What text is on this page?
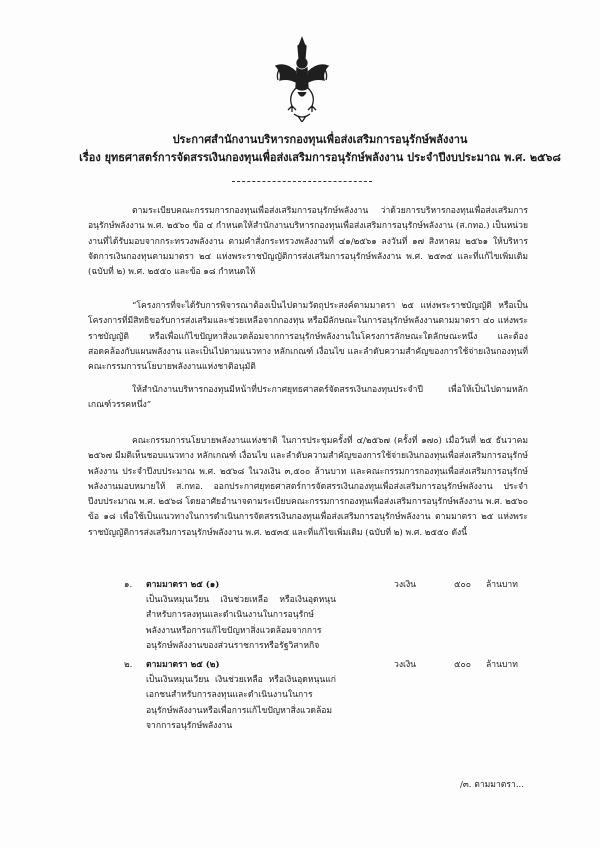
ประกาศสำนักงานบริหารกองทุนเพื่อส่งเสริมการอนุรักษ์พลังงาน
เรื่อง ยุทธศาสตร์การจัดสรรเงินกองทุนเพื่อส่งเสริมการอนุรักษ์พลังงาน ประจำปีงบประมาณ พ.ศ. ๒๕๖๘
ตามระเบียบคณะกรรมการกองทุนเพื่อส่งเสริมการอนุรักษ์พลังงาน ว่าด้วยการบริหารกองทุนเพื่อส่งเสริมการอนุรักษ์พลังงาน พ.ศ. ๒๕๖๐ ข้อ ๔ กำหนดให้สำนักงานบริหารกองทุนเพื่อส่งเสริมการอนุรักษ์พลังงาน (ส.กทอ.) เป็นหน่วยงานที่ได้รับมอบจากกระทรวงพลังงาน ตามคำสั่งกระทรวงพลังงานที่ ๔๑/๒๕๖๑ ลงวันที่ ๑๗ สิงหาคม ๒๕๖๑ ให้บริหารจัดการเงินกองทุนตามมาตรา ๒๔ แห่งพระราชบัญญัติการส่งเสริมการอนุรักษ์พลังงาน พ.ศ. ๒๕๓๕ และที่แก้ไขเพิ่มเติม (ฉบับที่ ๒) พ.ศ. ๒๕๕๐ และข้อ ๑๘ กำหนดให้
“โครงการที่จะได้รับการพิจารณาต้องเป็นไปตามวัตถุประสงค์ตามมาตรา ๒๕ แห่งพระราชบัญญัติ หรือเป็นโครงการที่มีสิทธิขอรับการส่งเสริมและช่วยเหลือจากกองทุน หรือมีลักษณะในการอนุรักษ์พลังงานตามมาตรา ๔๐ แห่งพระราชบัญญัติ หรือเพื่อแก้ไขปัญหาสิ่งแวดล้อมจากการอนุรักษ์พลังงานในโครงการลักษณะใดลักษณะหนึ่ง และต้องสอดคล้องกับแผนพลังงาน และเป็นไปตามแนวทาง หลักเกณฑ์ เงื่อนไข และลำดับความสำคัญของการใช้จ่ายเงินกองทุนที่คณะกรรมการนโยบายพลังงานแห่งชาติอนุมัติ
ให้สำนักงานบริหารกองทุนมีหน้าที่ประกาศยุทธศาสตร์จัดสรรเงินกองทุนประจำปี เพื่อให้เป็นไปตามหลักเกณฑ์วรรคหนึ่ง”
คณะกรรมการนโยบายพลังงานแห่งชาติ ในการประชุมครั้งที่ ๔/๒๕๖๗ (ครั้งที่ ๑๗๐) เมื่อวันที่ ๒๕ ธันวาคม ๒๕๖๗ มีมติเห็นชอบแนวทาง หลักเกณฑ์ เงื่อนไข และลำดับความสำคัญของการใช้จ่ายเงินกองทุนเพื่อส่งเสริมการอนุรักษ์พลังงาน ประจำปีงบประมาณ พ.ศ. ๒๕๖๘ ในวงเงิน ๓,๕๐๐ ล้านบาท และคณะกรรมการกองทุนเพื่อส่งเสริมการอนุรักษ์พลังงานมอบหมายให้ ส.กทอ. ออกประกาศยุทธศาสตร์การจัดสรรเงินกองทุนเพื่อส่งเสริมการอนุรักษ์พลังงาน ประจำปีงบประมาณ พ.ศ. ๒๕๖๘ โดยอาศัยอำนาจตามระเบียบคณะกรรมการกองทุนเพื่อส่งเสริมการอนุรักษ์พลังงาน พ.ศ. ๒๕๖๐ ข้อ ๑๘ เพื่อใช้เป็นแนวทางในการดำเนินการจัดสรรเงินกองทุนเพื่อส่งเสริมการอนุรักษ์พลังงาน ตามมาตรา ๒๕ แห่งพระราชบัญญัติการส่งเสริมการอนุรักษ์พลังงาน พ.ศ. ๒๕๓๕ และที่แก้ไขเพิ่มเติม (ฉบับที่ ๒) พ.ศ. ๒๕๕๐ ดังนี้
๑.	ตามมาตรา ๒๕ (๑)
เป็นเงินหมุนเวียน เงินช่วยเหลือ หรือเงินอุดหนุนสำหรับการลงทุนและดำเนินงานในการอนุรักษ์พลังงานหรือการแก้ไขปัญหาสิ่งแวดล้อมจากการอนุรักษ์พลังงานของส่วนราชการหรือรัฐวิสาหกิจ
วงเงิน	๕๐๐ ล้านบาท
๒.	ตามมาตรา ๒๕ (๒)
เป็นเงินหมุนเวียน เงินช่วยเหลือ หรือเงินอุดหนุนแก่เอกชนสำหรับการลงทุนและดำเนินงานในการอนุรักษ์พลังงานหรือเพื่อการแก้ไขปัญหาสิ่งแวดล้อมจากการอนุรักษ์พลังงาน
วงเงิน	๕๐๐ ล้านบาท
/๓. ตามมาตรา...
